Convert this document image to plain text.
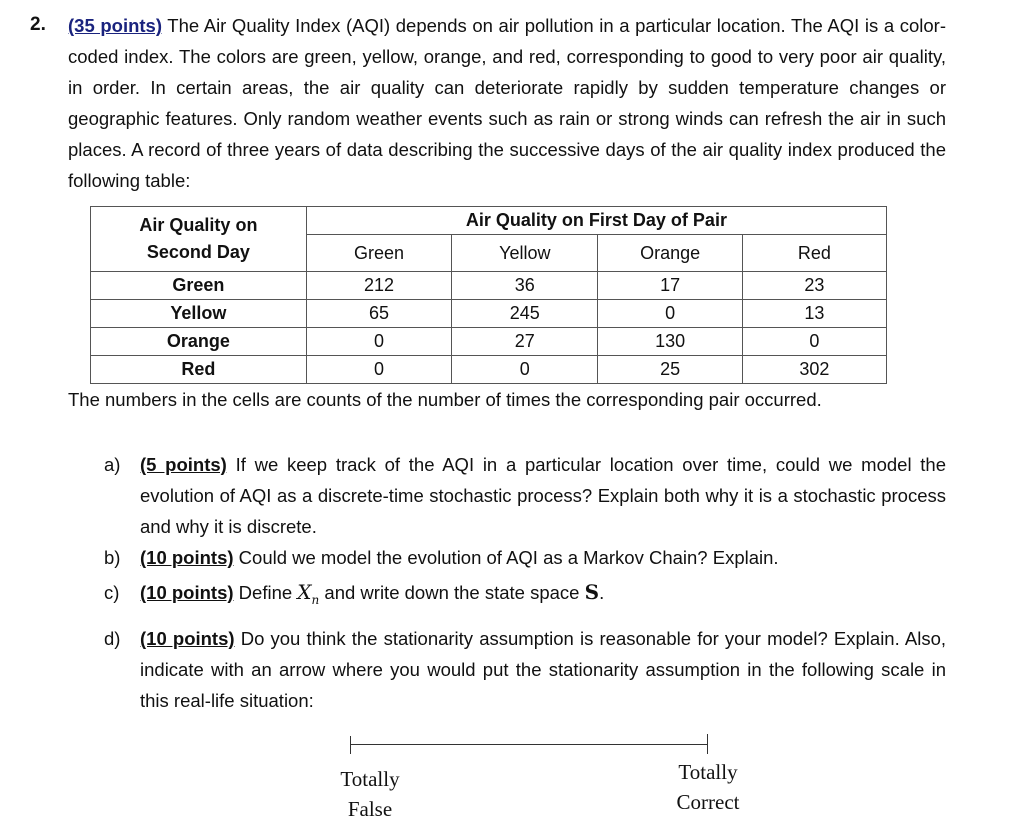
2. (35 points) The Air Quality Index (AQI) depends on air pollution in a particular location. The AQI is a color-coded index. The colors are green, yellow, orange, and red, corresponding to good to very poor air quality, in order. In certain areas, the air quality can deteriorate rapidly by sudden temperature changes or geographic features. Only random weather events such as rain or strong winds can refresh the air in such places. A record of three years of data describing the successive days of the air quality index produced the following table:

Air Quality on
Second Day	Air Quality on First Day of Pair			
	Green	Yellow	Orange	Red
Green	212	36	17	23
Yellow	65	245	0	13
Orange	0	27	130	0
Red	0	0	25	302
The numbers in the cells are counts of the number of times the corresponding pair occurred.
a) (5 points) If we keep track of the AQI in a particular location over time, could we model the evolution of AQI as a discrete-time stochastic process? Explain both why it is a stochastic process and why it is discrete.
b) (10 points) Could we model the evolution of AQI as a Markov Chain? Explain.
c) (10 points) Define $X_n$ and write down the state space S.
d) (10 points) Do you think the stationarity assumption is reasonable for your model? Explain. Also, indicate with an arrow where you would put the stationarity assumption in the following scale in this real-life situation:
Totally
False
Totally
Correct
